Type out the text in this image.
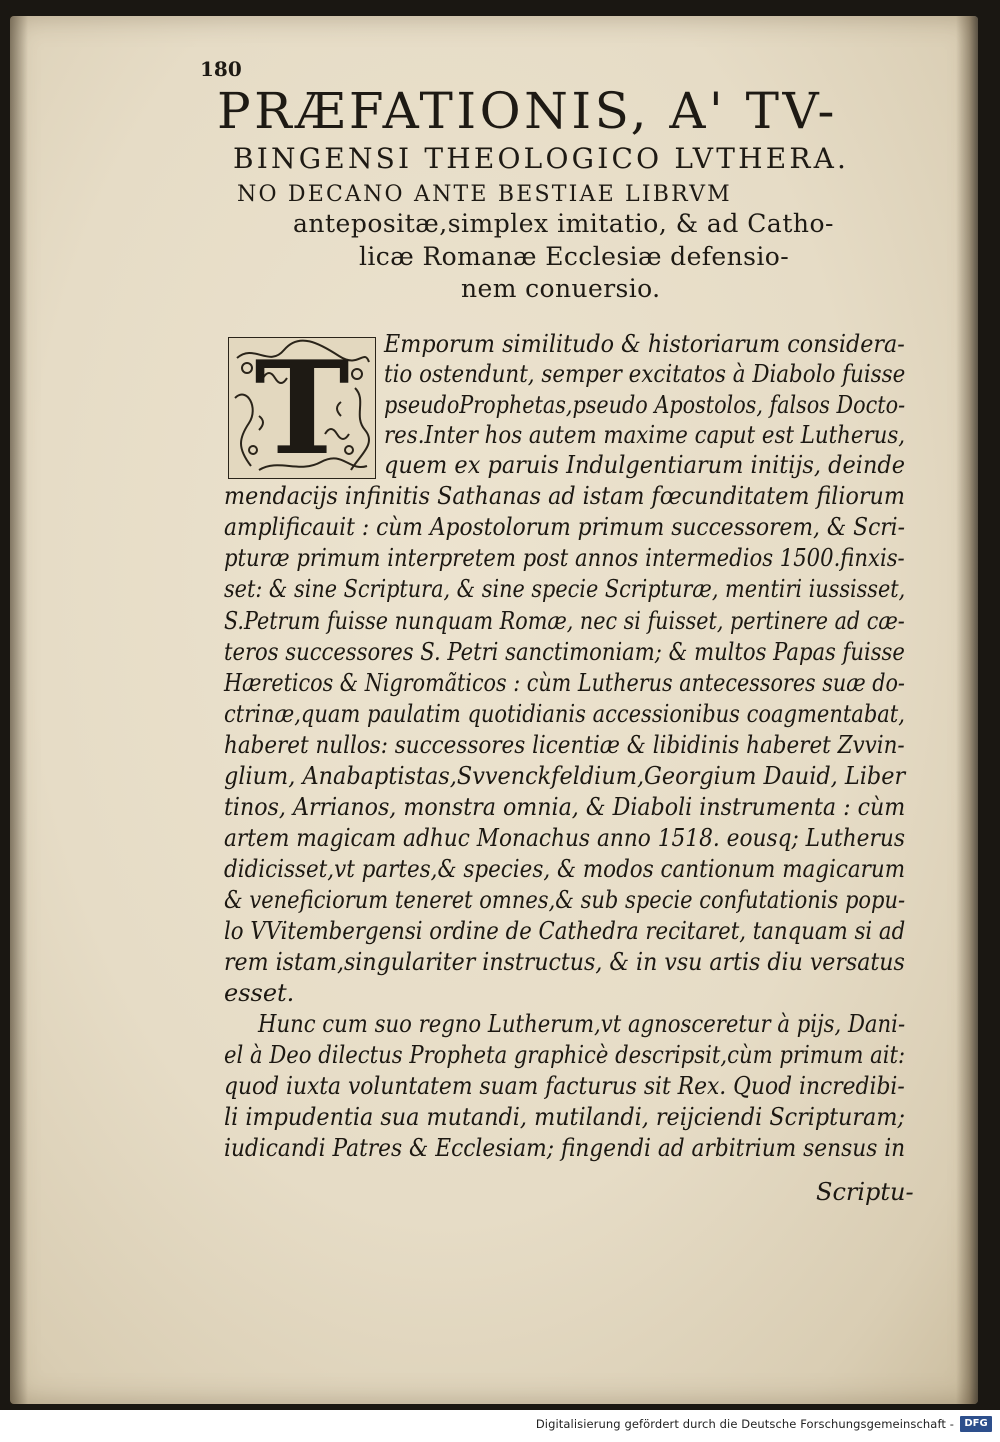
180
PRÆFATIONIS, A' TV-
BINGENSI THEOLOGICO LVTHERA.
NO DECANO ANTE BESTIAE LIBRVM
antepositæ,simplex imitatio, & ad Catho-
licæ Romanæ Ecclesiæ defensio-
nem conuersio.
T	Emporum similitudo & historiarum considera-
tio ostendunt, semper excitatos à Diabolo fuisse
pseudoProphetas,pseudo Apostolos, falsos Docto-
res.Inter hos autem maxime caput est Lutherus,
quem ex paruis Indulgentiarum initijs, deinde
mendacijs infinitis Sathanas ad istam fœcunditatem filiorum
amplificauit : cùm Apostolorum primum successorem, & Scri-
pturæ primum interpretem post annos intermedios 1500.finxis-
set: & sine Scriptura, & sine specie Scripturæ, mentiri iussisset,
S.Petrum fuisse nunquam Romæ, nec si fuisset, pertinere ad cæ-
teros successores S. Petri sanctimoniam; & multos Papas fuisse
Hæreticos & Nigromãticos : cùm Lutherus antecessores suæ do-
ctrinæ,quam paulatim quotidianis accessionibus coagmentabat,
haberet nullos: successores licentiæ & libidinis haberet Zvvin-
glium, Anabaptistas,Svvenckfeldium,Georgium Dauid, Liber
tinos, Arrianos, monstra omnia, & Diaboli instrumenta : cùm
artem magicam adhuc Monachus anno 1518. eousq; Lutherus
didicisset,vt partes,& species, & modos cantionum magicarum
& veneficiorum teneret omnes,& sub specie confutationis popu-
lo VVitembergensi ordine de Cathedra recitaret, tanquam si ad
rem istam,singulariter instructus, & in vsu artis diu versatus
esset.
Hunc cum suo regno Lutherum,vt agnosceretur à pijs, Dani-
el à Deo dilectus Propheta graphicè descripsit,cùm primum ait:
quod iuxta voluntatem suam facturus sit Rex. Quod incredibi-
li impudentia sua mutandi, mutilandi, reijciendi Scripturam;
iudicandi Patres & Ecclesiam; fingendi ad arbitrium sensus in
Scriptu-
Digitalisierung gefördert durch die Deutsche Forschungsgemeinschaft -	DFG
